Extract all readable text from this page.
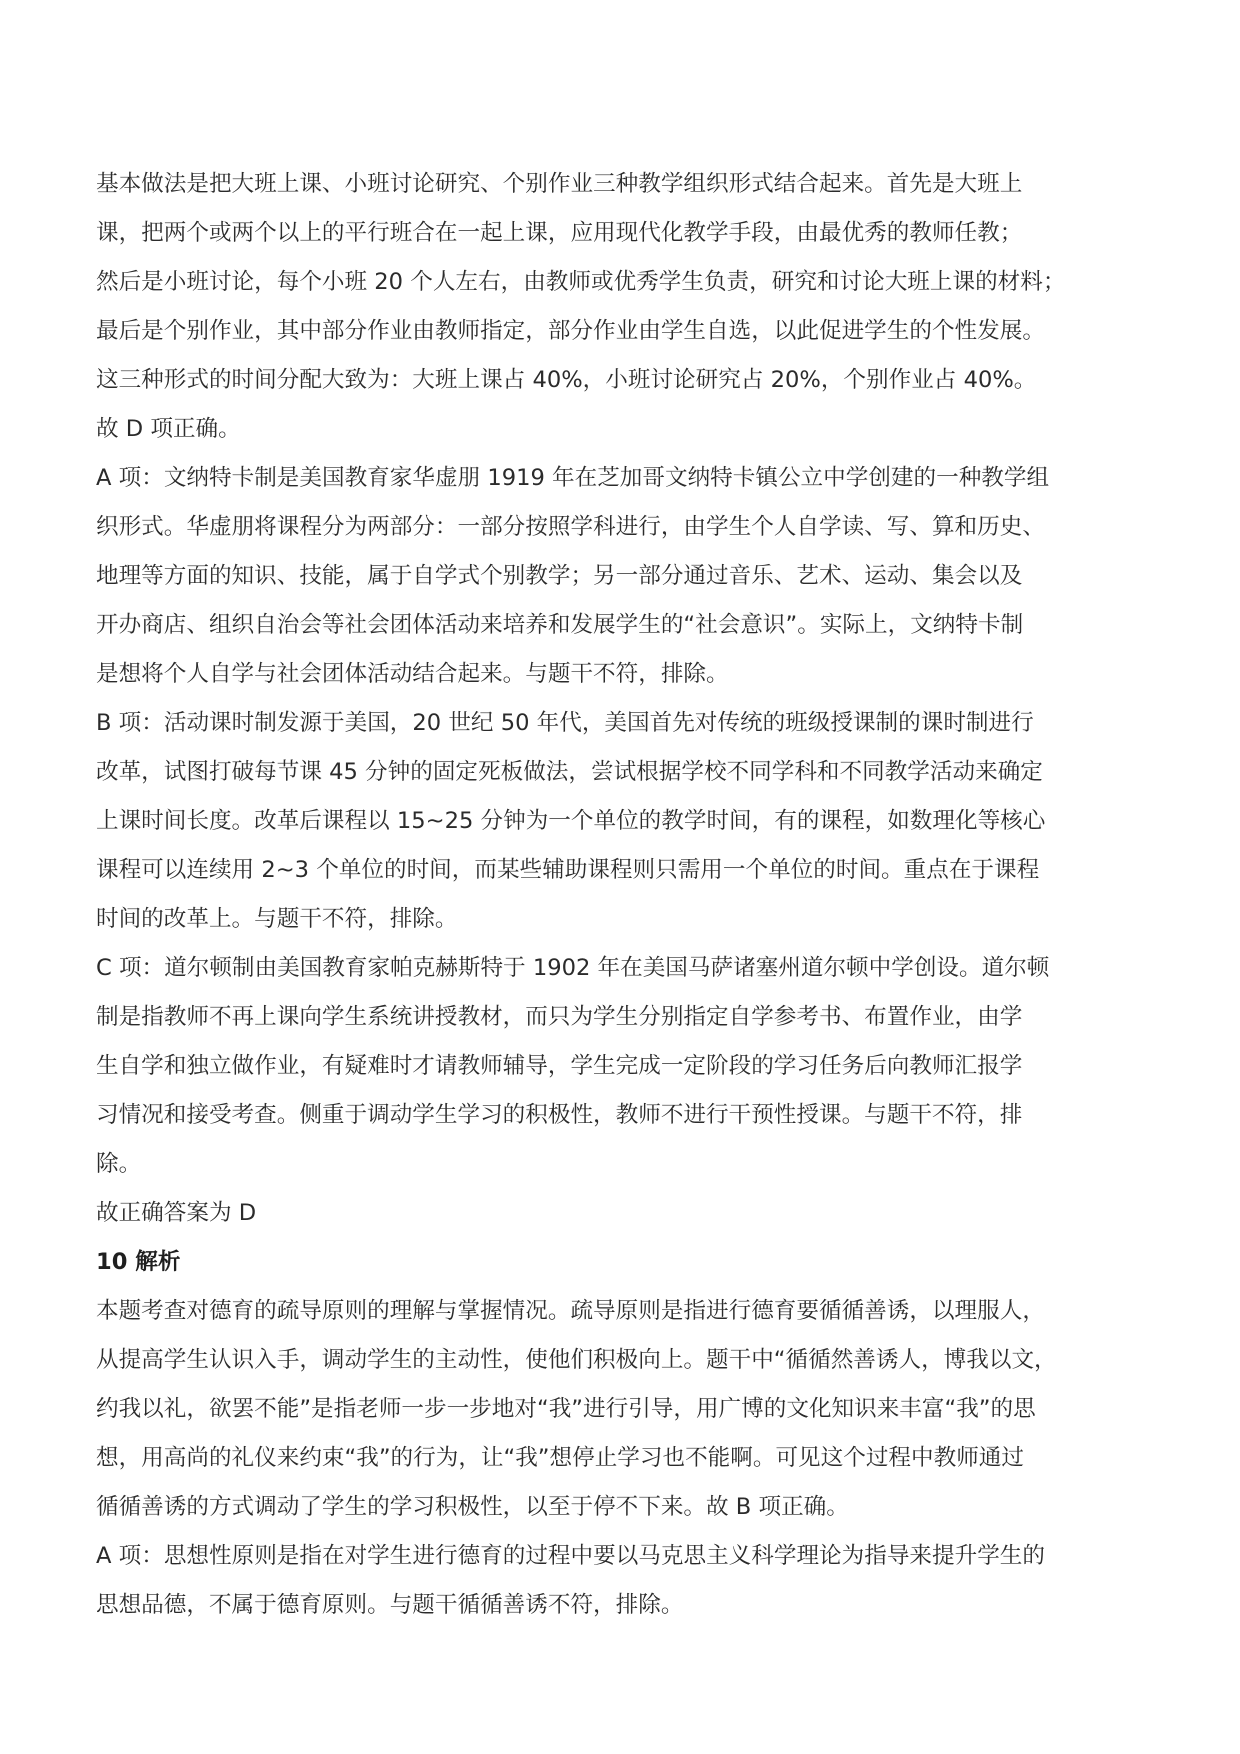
基本做法是把大班上课、小班讨论研究、个别作业三种教学组织形式结合起来。首先是大班上
课，把两个或两个以上的平行班合在一起上课，应用现代化教学手段，由最优秀的教师任教；
然后是小班讨论，每个小班 20 个人左右，由教师或优秀学生负责，研究和讨论大班上课的材料；
最后是个别作业，其中部分作业由教师指定，部分作业由学生自选，以此促进学生的个性发展。
这三种形式的时间分配大致为：大班上课占 40%，小班讨论研究占 20%，个别作业占 40%。
故 D 项正确。
A 项：文纳特卡制是美国教育家华虚朋 1919 年在芝加哥文纳特卡镇公立中学创建的一种教学组
织形式。华虚朋将课程分为两部分：一部分按照学科进行，由学生个人自学读、写、算和历史、
地理等方面的知识、技能，属于自学式个别教学；另一部分通过音乐、艺术、运动、集会以及
开办商店、组织自治会等社会团体活动来培养和发展学生的“社会意识”。实际上，文纳特卡制
是想将个人自学与社会团体活动结合起来。与题干不符，排除。
B 项：活动课时制发源于美国，20 世纪 50 年代，美国首先对传统的班级授课制的课时制进行
改革，试图打破每节课 45 分钟的固定死板做法，尝试根据学校不同学科和不同教学活动来确定
上课时间长度。改革后课程以 15~25 分钟为一个单位的教学时间，有的课程，如数理化等核心
课程可以连续用 2~3 个单位的时间，而某些辅助课程则只需用一个单位的时间。重点在于课程
时间的改革上。与题干不符，排除。
C 项：道尔顿制由美国教育家帕克赫斯特于 1902 年在美国马萨诸塞州道尔顿中学创设。道尔顿
制是指教师不再上课向学生系统讲授教材，而只为学生分别指定自学参考书、布置作业，由学
生自学和独立做作业，有疑难时才请教师辅导，学生完成一定阶段的学习任务后向教师汇报学
习情况和接受考查。侧重于调动学生学习的积极性，教师不进行干预性授课。与题干不符，排
除。
故正确答案为 D
10 解析
本题考查对德育的疏导原则的理解与掌握情况。疏导原则是指进行德育要循循善诱，以理服人，
从提高学生认识入手，调动学生的主动性，使他们积极向上。题干中“循循然善诱人，博我以文，
约我以礼，欲罢不能”是指老师一步一步地对“我”进行引导，用广博的文化知识来丰富“我”的思
想，用高尚的礼仪来约束“我”的行为，让“我”想停止学习也不能啊。可见这个过程中教师通过
循循善诱的方式调动了学生的学习积极性，以至于停不下来。故 B 项正确。
A 项：思想性原则是指在对学生进行德育的过程中要以马克思主义科学理论为指导来提升学生的
思想品德，不属于德育原则。与题干循循善诱不符，排除。
